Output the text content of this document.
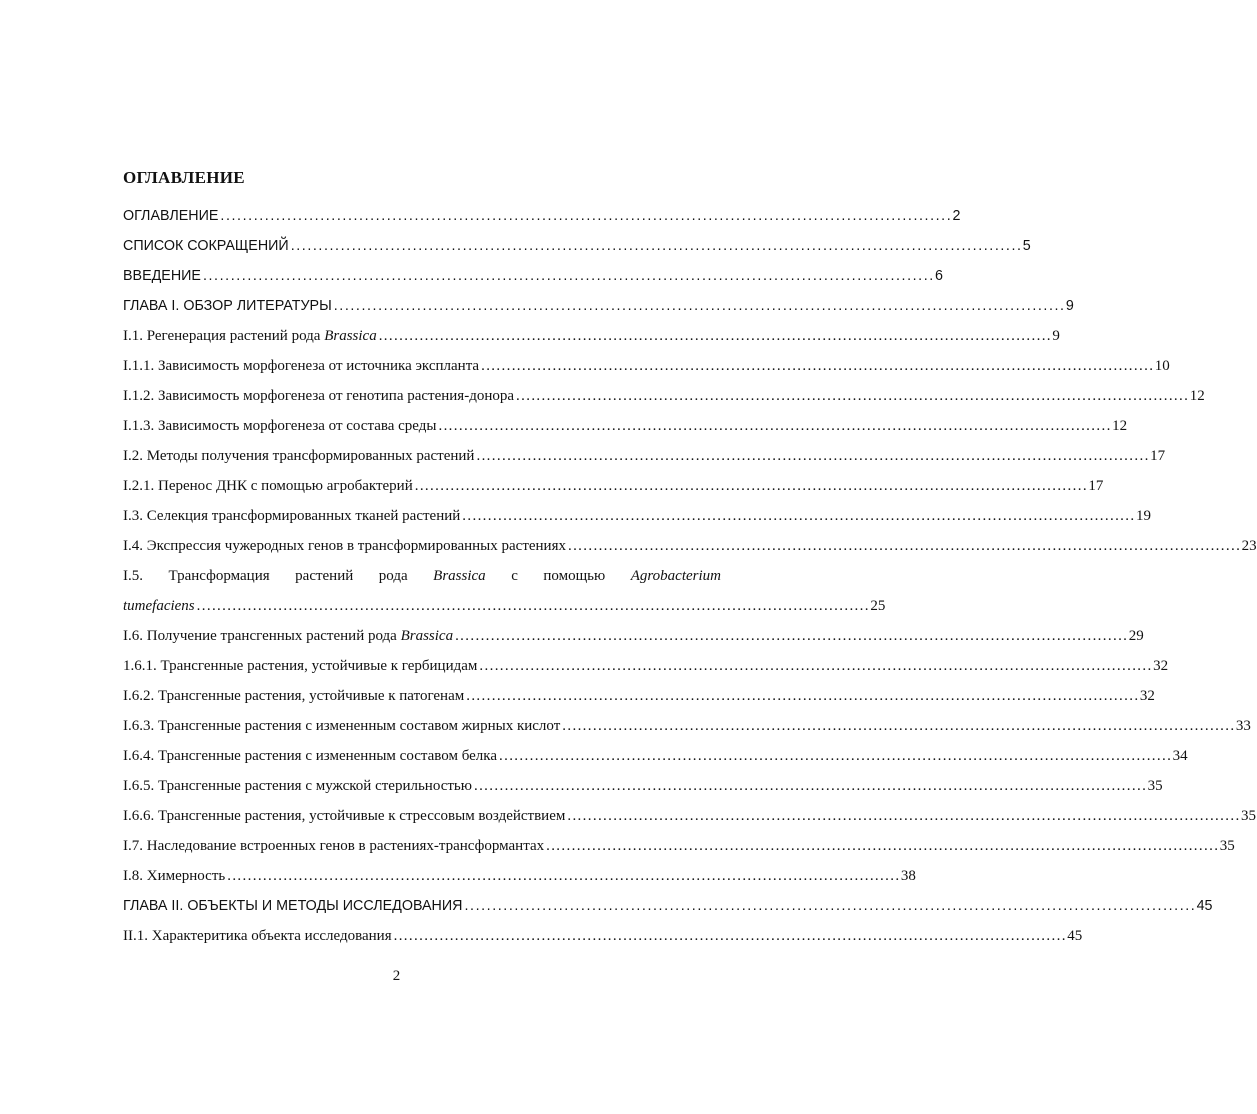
ОГЛАВЛЕНИЕ
ОГЛАВЛЕНИЕ . . .	2
СПИСОК СОКРАЩЕНИЙ . . .	5
ВВЕДЕНИЕ . . .	6
ГЛАВА I. ОБЗОР ЛИТЕРАТУРЫ . . .	9
I.1. Регенерация растений рода Brassica . . .	9
I.1.1. Зависимость морфогенеза от источника экспланта . . .	10
I.1.2. Зависимость морфогенеза от генотипа растения-донора . . .	12
I.1.3. Зависимость морфогенеза от состава среды . . .	12
I.2. Методы получения трансформированных растений . . .	17
I.2.1. Перенос ДНК с помощью агробактерий . . .	17
I.3. Селекция трансформированных тканей растений . . .	19
I.4. Экспрессия чужеродных генов в трансформированных растениях . . .	23
I.5. Трансформация растений рода Brassica с помощью Agrobacterium
tumefaciens . . .	25
I.6. Получение трансгенных растений рода Brassica . . .	29
1.6.1. Трансгенные растения, устойчивые к гербицидам . . .	32
I.6.2. Трансгенные растения, устойчивые к патогенам . . .	32
I.6.3. Трансгенные растения с измененным составом жирных кислот . . .	33
I.6.4. Трансгенные растения с измененным составом белка . . .	34
I.6.5. Трансгенные растения с мужской стерильностью . . .	35
I.6.6. Трансгенные растения, устойчивые к стрессовым воздействием . . .	35
I.7. Наследование встроенных генов в растениях-трансформантах . . .	35
I.8. Химерность . . .	38
ГЛАВА II. ОБЪЕКТЫ И МЕТОДЫ ИССЛЕДОВАНИЯ . . .	45
II.1. Характеритика объекта исследования . . .	45
2
